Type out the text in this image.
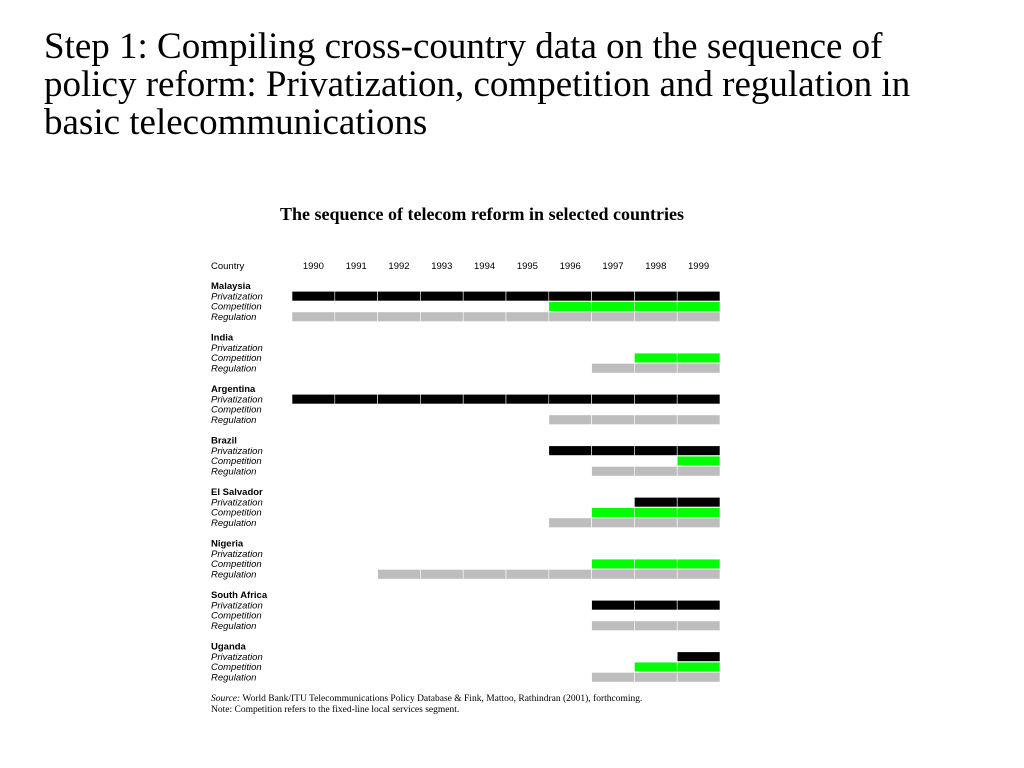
Step 1: Compiling cross-country data on the sequence of policy reform: Privatization, competition and regulation in basic telecommunications
The sequence of telecom reform in selected countries
Country	1990 1991 1992 1993 1994 1995 1996 1997 1998 1999
Malaysia
Privatization
Competition
Regulation
India
Privatization
Competition
Regulation
Argentina
Privatization
Competition
Regulation
Brazil
Privatization
Competition
Regulation
El Salvador
Privatization
Competition
Regulation
Nigeria
Privatization
Competition
Regulation
South Africa
Privatization
Competition
Regulation
Uganda
Privatization
Competition
Regulation
Source: World Bank/ITU Telecommunications Policy Database & Fink, Mattoo, Rathindran (2001), forthcoming.
Note: Competition refers to the fixed-line local services segment.
